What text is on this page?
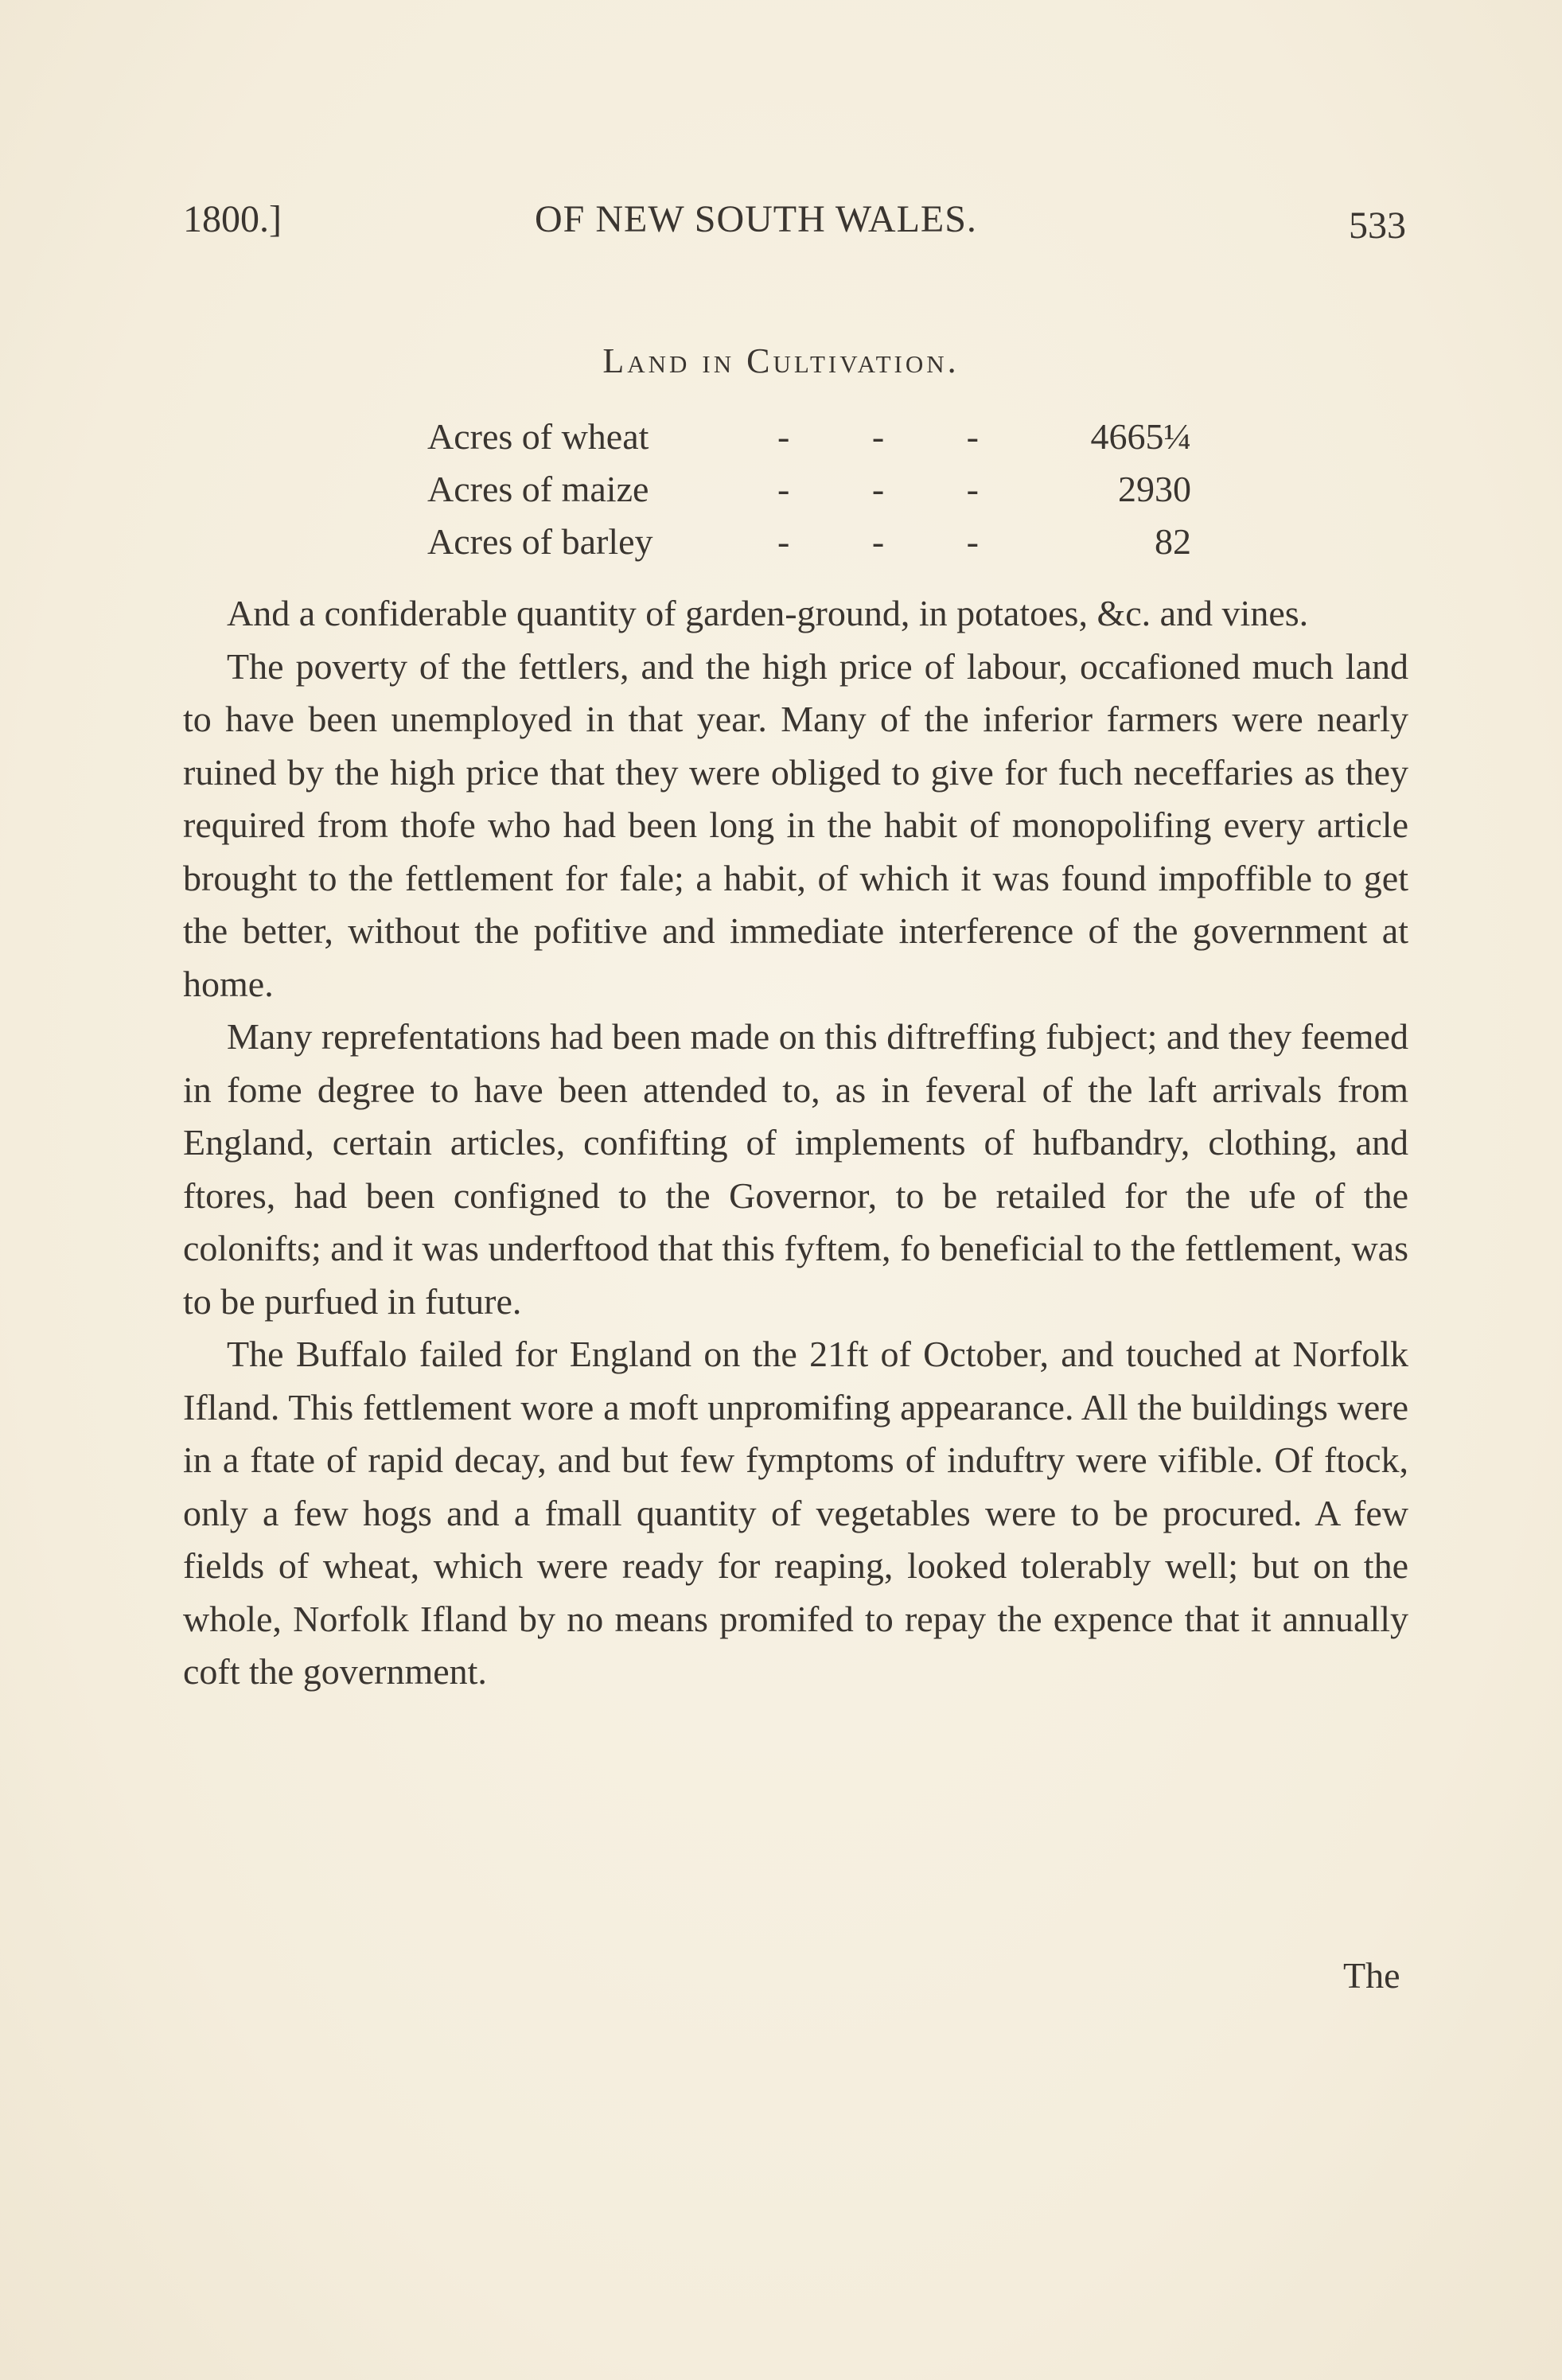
1800.]	OF NEW SOUTH WALES.	533
Land in Cultivation.
Acres of wheat	- - -	4665¼
Acres of maize	- - -	2930
Acres of barley	- - -	82

And a confiderable quantity of garden-ground, in potatoes, &c. and vines.

The poverty of the fettlers, and the high price of labour, occafioned much land to have been unemployed in that year. Many of the inferior farmers were nearly ruined by the high price that they were obliged to give for fuch neceffaries as they required from thofe who had been long in the habit of monopolifing every article brought to the fettlement for fale; a habit, of which it was found impoffible to get the better, without the pofitive and immediate interference of the government at home.

Many reprefentations had been made on this diftreffing fubject; and they feemed in fome degree to have been attended to, as in feveral of the laft arrivals from England, certain articles, confifting of implements of hufbandry, clothing, and ftores, had been configned to the Governor, to be retailed for the ufe of the colonifts; and it was underftood that this fyftem, fo beneficial to the fettlement, was to be purfued in future.

The Buffalo failed for England on the 21ft of October, and touched at Norfolk Ifland. This fettlement wore a moft unpromifing appearance. All the buildings were in a ftate of rapid decay, and but few fymptoms of induftry were vifible. Of ftock, only a few hogs and a fmall quantity of vegetables were to be procured. A few fields of wheat, which were ready for reaping, looked tolerably well; but on the whole, Norfolk Ifland by no means promifed to repay the expence that it annually coft the government.

The
